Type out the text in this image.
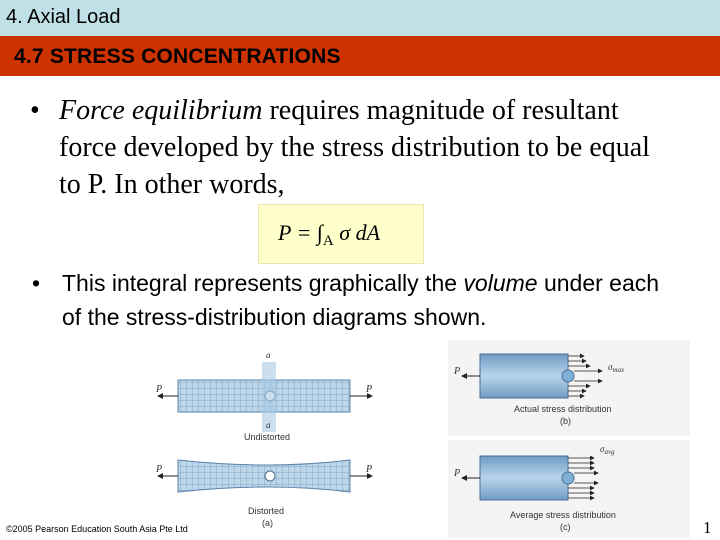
4. Axial Load
4.7 STRESS CONCENTRATIONS
• Force equilibrium requires magnitude of resultant force developed by the stress distribution to be equal to P. In other words,
$P = \int_A$ σ dA
• This integral represents graphically the volume under each of the stress-distribution diagrams shown.
P	P
a
a
Undistorted
P	P
Distorted
(a)
P	$\sigma_{max}$
Actual stress distribution
(b)
P
$\sigma_{avg}$
Average stress distribution
(c)
©2005 Pearson Education South Asia Pte Ltd	1
